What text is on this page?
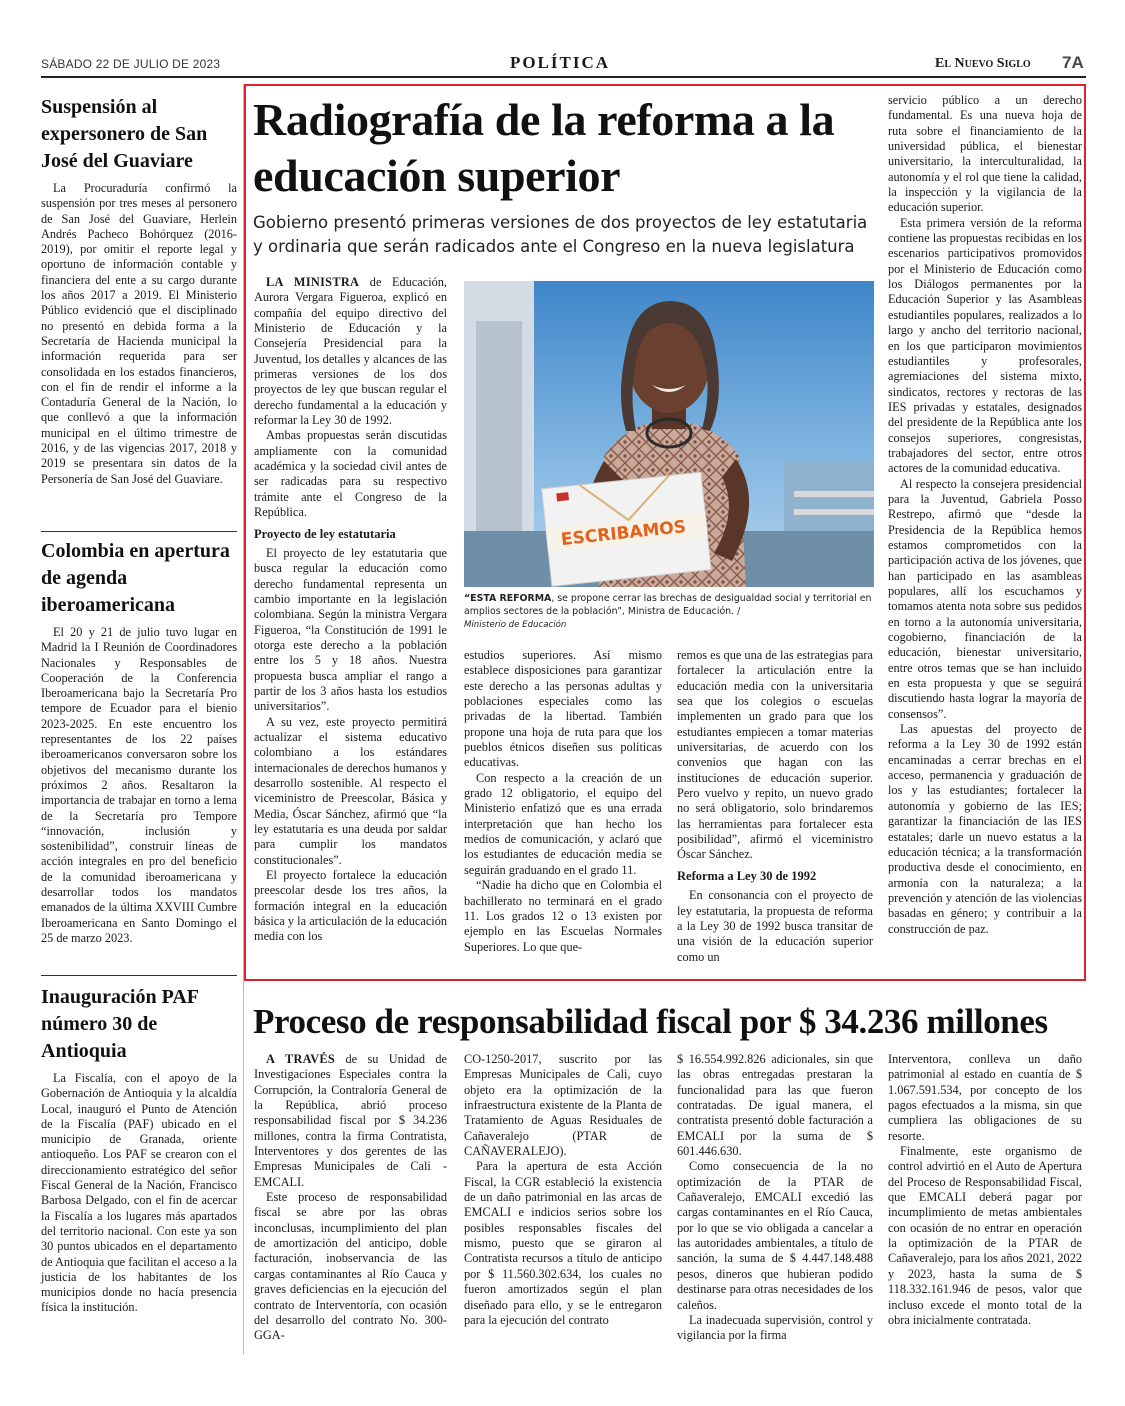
SÁBADO 22 DE JULIO DE 2023	POLÍTICA	El Nuevo Siglo 7A
Suspensión al expersonero de San José del Guaviare

La Procuraduría confirmó la suspensión por tres meses al personero de San José del Guaviare, Herlein Andrés Pacheco Bohórquez (2016-2019), por omitir el reporte legal y oportuno de información contable y financiera del ente a su cargo durante los años 2017 a 2019. El Ministerio Público evidenció que el disciplinado no presentó en debida forma a la Secretaría de Hacienda municipal la información requerida para ser consolidada en los estados financieros, con el fin de rendir el informe a la Contaduría General de la Nación, lo que conllevó a que la información municipal en el último trimestre de 2016, y de las vigencias 2017, 2018 y 2019 se presentara sin datos de la Personería de San José del Guaviare.

Colombia en apertura de agenda iberoamericana

El 20 y 21 de julio tuvo lugar en Madrid la I Reunión de Coordinadores Nacionales y Responsables de Cooperación de la Conferencia Iberoamericana bajo la Secretaría Pro tempore de Ecuador para el bienio 2023-2025. En este encuentro los representantes de los 22 países iberoamericanos conversaron sobre los objetivos del mecanismo durante los próximos 2 años. Resaltaron la importancia de trabajar en torno a lema de la Secretaría pro Tempore “innovación, inclusión y sostenibilidad”, construir líneas de acción integrales en pro del beneficio de la comunidad iberoamericana y desarrollar todos los mandatos emanados de la última XXVIII Cumbre Iberoamericana en Santo Domingo el 25 de marzo 2023.

Inauguración PAF número 30 de Antioquia

La Fiscalía, con el apoyo de la Gobernación de Antioquia y la alcaldía Local, inauguró el Punto de Atención de la Fiscalía (PAF) ubicado en el municipio de Granada, oriente antioqueño. Los PAF se crearon con el direccionamiento estratégico del señor Fiscal General de la Nación, Francisco Barbosa Delgado, con el fin de acercar la Fiscalía a los lugares más apartados del territorio nacional. Con este ya son 30 puntos ubicados en el departamento de Antioquia que facilitan el acceso a la justicia de los habitantes de los municipios donde no hacía presencia física la institución.

Radiografía de la reforma a la educación superior
Gobierno presentó primeras versiones de dos proyectos de ley estatutaria y ordinaria que serán radicados ante el Congreso en la nueva legislatura

LA MINISTRA de Educación, Aurora Vergara Figueroa, explicó en compañía del equipo directivo del Ministerio de Educación y la Consejería Presidencial para la Juventud, los detalles y alcances de las primeras versiones de los dos proyectos de ley que buscan regular el derecho fundamental a la educación y reformar la Ley 30 de 1992.

Ambas propuestas serán discutidas ampliamente con la comunidad académica y la sociedad civil antes de ser radicadas para su respectivo trámite ante el Congreso de la República.

Proyecto de ley estatutaria

El proyecto de ley estatutaria que busca regular la educación como derecho fundamental representa un cambio importante en la legislación colombiana. Según la ministra Vergara Figueroa, “la Constitución de 1991 le otorga este derecho a la población entre los 5 y 18 años. Nuestra propuesta busca ampliar el rango a partir de los 3 años hasta los estudios universitarios”.

A su vez, este proyecto permitirá actualizar el sistema educativo colombiano a los estándares internacionales de derechos humanos y desarrollo sostenible. Al respecto el viceministro de Preescolar, Básica y Media, Óscar Sánchez, afirmó que “la ley estatutaria es una deuda por saldar para cumplir los mandatos constitucionales”.

El proyecto fortalece la educación preescolar desde los tres años, la formación integral en la educación básica y la articulación de la educación media con los

ESCRIBAMOS
“ESTA REFORMA, se propone cerrar las brechas de desigualdad social y territorial en amplios sectores de la población”, Ministra de Educación. /
Ministerio de Educación

estudios superiores. Así mismo establece disposiciones para garantizar este derecho a las personas adultas y poblaciones especiales como las privadas de la libertad. También propone una hoja de ruta para que los pueblos étnicos diseñen sus políticas educativas.

Con respecto a la creación de un grado 12 obligatorio, el equipo del Ministerio enfatizó que es una errada interpretación que han hecho los medios de comunicación, y aclaró que los estudiantes de educación media se seguirán graduando en el grado 11.

“Nadie ha dicho que en Colombia el bachillerato no terminará en el grado 11. Los grados 12 o 13 existen por ejemplo en las Escuelas Normales Superiores. Lo que que-

remos es que una de las estrategias para fortalecer la articulación entre la educación media con la universitaria sea que los colegios o escuelas implementen un grado para que los estudiantes empiecen a tomar materias universitarias, de acuerdo con los convenios que hagan con las instituciones de educación superior. Pero vuelvo y repito, un nuevo grado no será obligatorio, solo brindaremos las herramientas para fortalecer esta posibilidad”, afirmó el viceministro Óscar Sánchez.

Reforma a Ley 30 de 1992

En consonancia con el proyecto de ley estatutaria, la propuesta de reforma a la Ley 30 de 1992 busca transitar de una visión de la educación superior como un

servicio público a un derecho fundamental. Es una nueva hoja de ruta sobre el financiamiento de la universidad pública, el bienestar universitario, la interculturalidad, la autonomía y el rol que tiene la calidad, la inspección y la vigilancia de la educación superior.

Esta primera versión de la reforma contiene las propuestas recibidas en los escenarios participativos promovidos por el Ministerio de Educación como los Diálogos permanentes por la Educación Superior y las Asambleas estudiantiles populares, realizados a lo largo y ancho del territorio nacional, en los que participaron movimientos estudiantiles y profesorales, agremiaciones del sistema mixto, sindicatos, rectores y rectoras de las IES privadas y estatales, designados del presidente de la República ante los consejos superiores, congresistas, trabajadores del sector, entre otros actores de la comunidad educativa.

Al respecto la consejera presidencial para la Juventud, Gabriela Posso Restrepo, afirmó que “desde la Presidencia de la República hemos estamos comprometidos con la participación activa de los jóvenes, que han participado en las asambleas populares, allí los escuchamos y tomamos atenta nota sobre sus pedidos en torno a la autonomía universitaria, cogobierno, financiación de la educación, bienestar universitario, entre otros temas que se han incluido en esta propuesta y que se seguirá discutiendo hasta lograr la mayoría de consensos”.

Las apuestas del proyecto de reforma a la Ley 30 de 1992 están encaminadas a cerrar brechas en el acceso, permanencia y graduación de los y las estudiantes; fortalecer la autonomía y gobierno de las IES; garantizar la financiación de las IES estatales; darle un nuevo estatus a la educación técnica; a la transformación productiva desde el conocimiento, en armonía con la naturaleza; a la prevención y atención de las violencias basadas en género; y contribuir a la construcción de paz.

Proceso de responsabilidad fiscal por $ 34.236 millones

A TRAVÉS de su Unidad de Investigaciones Especiales contra la Corrupción, la Contraloría General de la República, abrió proceso responsabilidad fiscal por $ 34.236 millones, contra la firma Contratista, Interventores y dos gerentes de las Empresas Municipales de Cali - EMCALI.

Este proceso de responsabilidad fiscal se abre por las obras inconclusas, incumplimiento del plan de amortización del anticipo, doble facturación, inobservancia de las cargas contaminantes al Río Cauca y graves deficiencias en la ejecución del contrato de Interventoría, con ocasión del desarrollo del contrato No. 300-GGA-

CO-1250-2017, suscrito por las Empresas Municipales de Cali, cuyo objeto era la optimización de la infraestructura existente de la Planta de Tratamiento de Aguas Residuales de Cañaveralejo (PTAR de CAÑAVERALEJO).

Para la apertura de esta Acción Fiscal, la CGR estableció la existencia de un daño patrimonial en las arcas de EMCALI e indicios serios sobre los posibles responsables fiscales del mismo, puesto que se giraron al Contratista recursos a título de anticipo por $ 11.560.302.634, los cuales no fueron amortizados según el plan diseñado para ello, y se le entregaron para la ejecución del contrato

$ 16.554.992.826 adicionales, sin que las obras entregadas prestaran la funcionalidad para las que fueron contratadas. De igual manera, el contratista presentó doble facturación a EMCALI por la suma de $ 601.446.630.

Como consecuencia de la no optimización de la PTAR de Cañaveralejo, EMCALI excedió las cargas contaminantes en el Río Cauca, por lo que se vio obligada a cancelar a las autoridades ambientales, a título de sanción, la suma de $ 4.447.148.488 pesos, dineros que hubieran podido destinarse para otras necesidades de los caleños.

La inadecuada supervisión, control y vigilancia por la firma

Interventora, conlleva un daño patrimonial al estado en cuantía de $ 1.067.591.534, por concepto de los pagos efectuados a la misma, sin que cumpliera las obligaciones de su resorte.

Finalmente, este organismo de control advirtió en el Auto de Apertura del Proceso de Responsabilidad Fiscal, que EMCALI deberá pagar por incumplimiento de metas ambientales con ocasión de no entrar en operación la optimización de la PTAR de Cañaveralejo, para los años 2021, 2022 y 2023, hasta la suma de $ 118.332.161.946 de pesos, valor que incluso excede el monto total de la obra inicialmente contratada.
